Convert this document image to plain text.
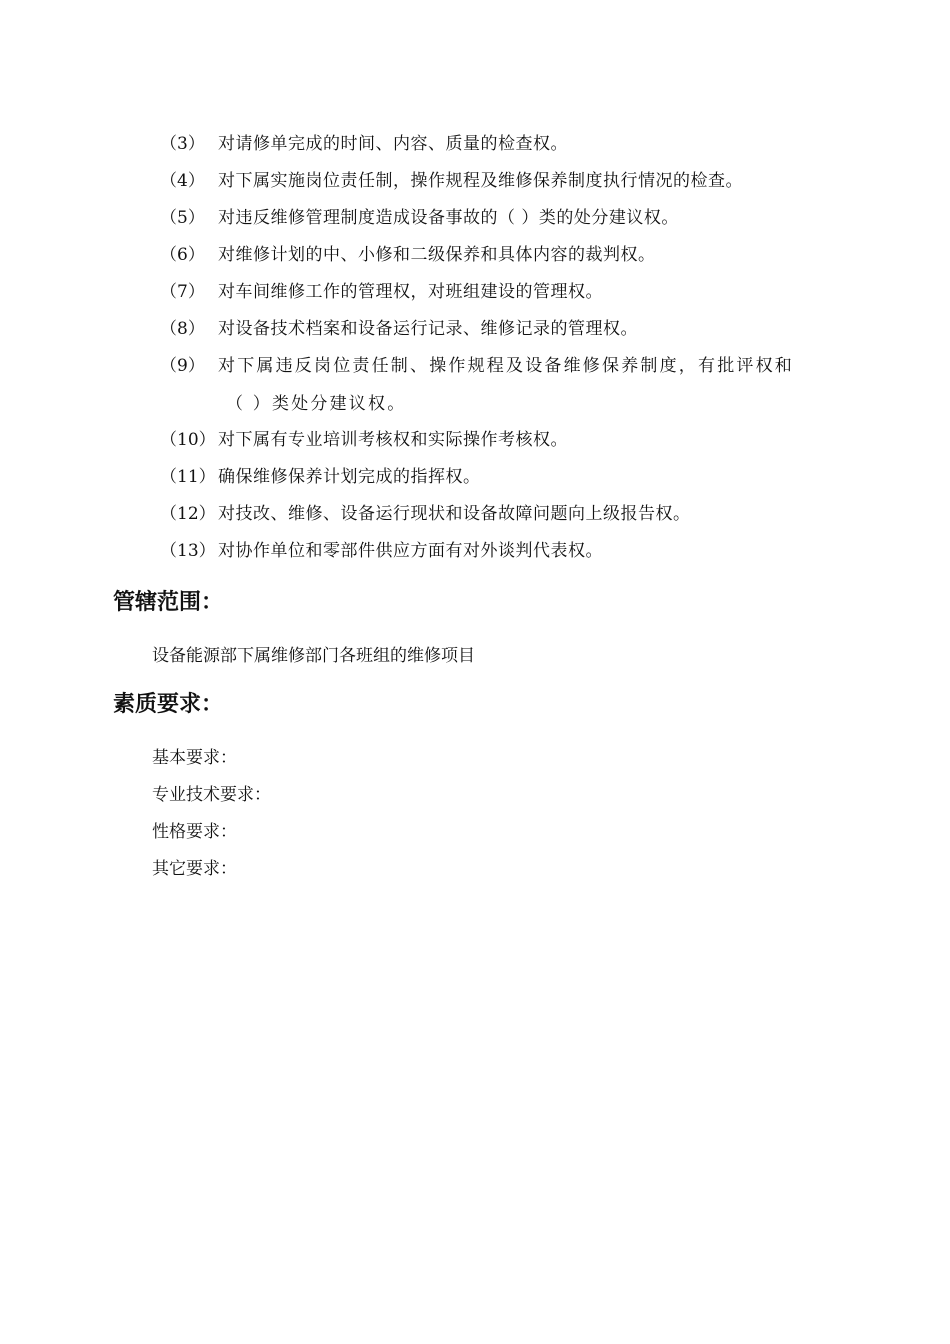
（3） 对请修单完成的时间、内容、质量的检查权。
（4） 对下属实施岗位责任制，操作规程及维修保养制度执行情况的检查。
（5） 对违反维修管理制度造成设备事故的（ ）类的处分建议权。
（6） 对维修计划的中、小修和二级保养和具体内容的裁判权。
（7） 对车间维修工作的管理权，对班组建设的管理权。
（8） 对设备技术档案和设备运行记录、维修记录的管理权。
（9） 对下属违反岗位责任制、操作规程及设备维修保养制度，有批评权和
（ ）类处分建议权。
（10） 对下属有专业培训考核权和实际操作考核权。
（11） 确保维修保养计划完成的指挥权。
（12） 对技改、维修、设备运行现状和设备故障问题向上级报告权。
（13） 对协作单位和零部件供应方面有对外谈判代表权。
管辖范围：
设备能源部下属维修部门各班组的维修项目
素质要求：
基本要求：
专业技术要求：
性格要求：
其它要求：
